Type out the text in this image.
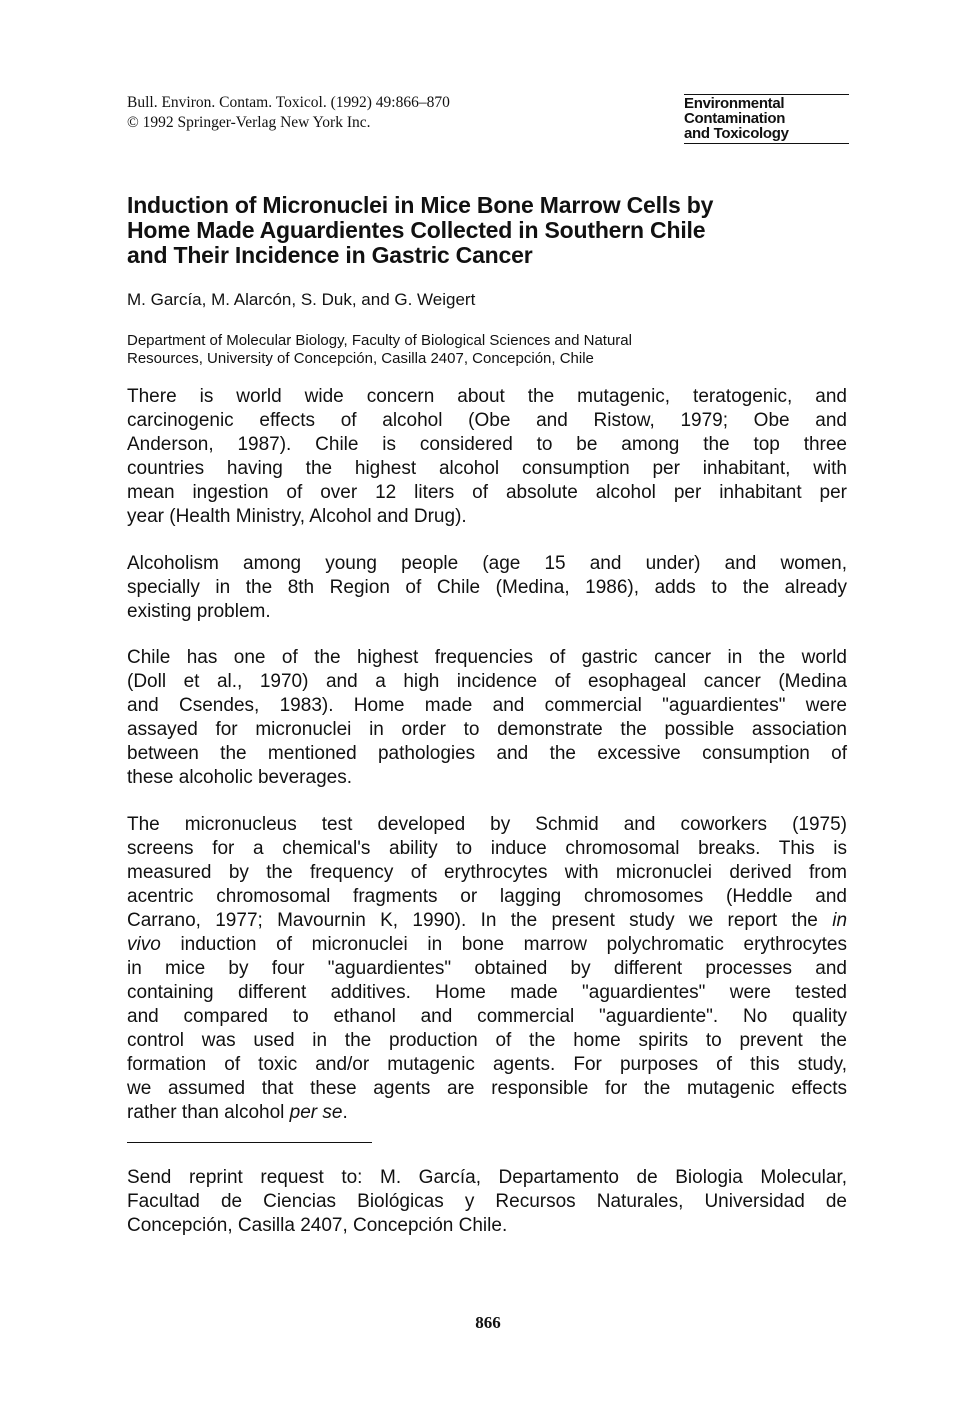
Bull. Environ. Contam. Toxicol. (1992) 49:866–870
© 1992 Springer-Verlag New York Inc.
Environmental
Contamination
and Toxicology
Induction of Micronuclei in Mice Bone Marrow Cells by
Home Made Aguardientes Collected in Southern Chile
and Their Incidence in Gastric Cancer
M. García, M. Alarcón, S. Duk, and G. Weigert
Department of Molecular Biology, Faculty of Biological Sciences and Natural
Resources, University of Concepción, Casilla 2407, Concepción, Chile
There is world wide concern about the mutagenic, teratogenic, and
carcinogenic effects of alcohol (Obe and Ristow, 1979; Obe and
Anderson, 1987). Chile is considered to be among the top three
countries having the highest alcohol consumption per inhabitant, with
mean ingestion of over 12 liters of absolute alcohol per inhabitant per
year (Health Ministry, Alcohol and Drug).
Alcoholism among young people (age 15 and under) and women,
specially in the 8th Region of Chile (Medina, 1986), adds to the already
existing problem.
Chile has one of the highest frequencies of gastric cancer in the world
(Doll et al., 1970) and a high incidence of esophageal cancer (Medina
and Csendes, 1983). Home made and commercial "aguardientes" were
assayed for micronuclei in order to demonstrate the possible association
between the mentioned pathologies and the excessive consumption of
these alcoholic beverages.
The micronucleus test developed by Schmid and coworkers (1975)
screens for a chemical's ability to induce chromosomal breaks. This is
measured by the frequency of erythrocytes with micronuclei derived from
acentric chromosomal fragments or lagging chromosomes (Heddle and
Carrano, 1977; Mavournin K, 1990). In the present study we report the in
vivo induction of micronuclei in bone marrow polychromatic erythrocytes
in mice by four "aguardientes" obtained by different processes and
containing different additives. Home made "aguardientes" were tested
and compared to ethanol and commercial "aguardiente". No quality
control was used in the production of the home spirits to prevent the
formation of toxic and/or mutagenic agents. For purposes of this study,
we assumed that these agents are responsible for the mutagenic effects
rather than alcohol per se.
Send reprint request to: M. García, Departamento de Biologia Molecular,
Facultad de Ciencias Biológicas y Recursos Naturales, Universidad de
Concepción, Casilla 2407, Concepción Chile.
866
